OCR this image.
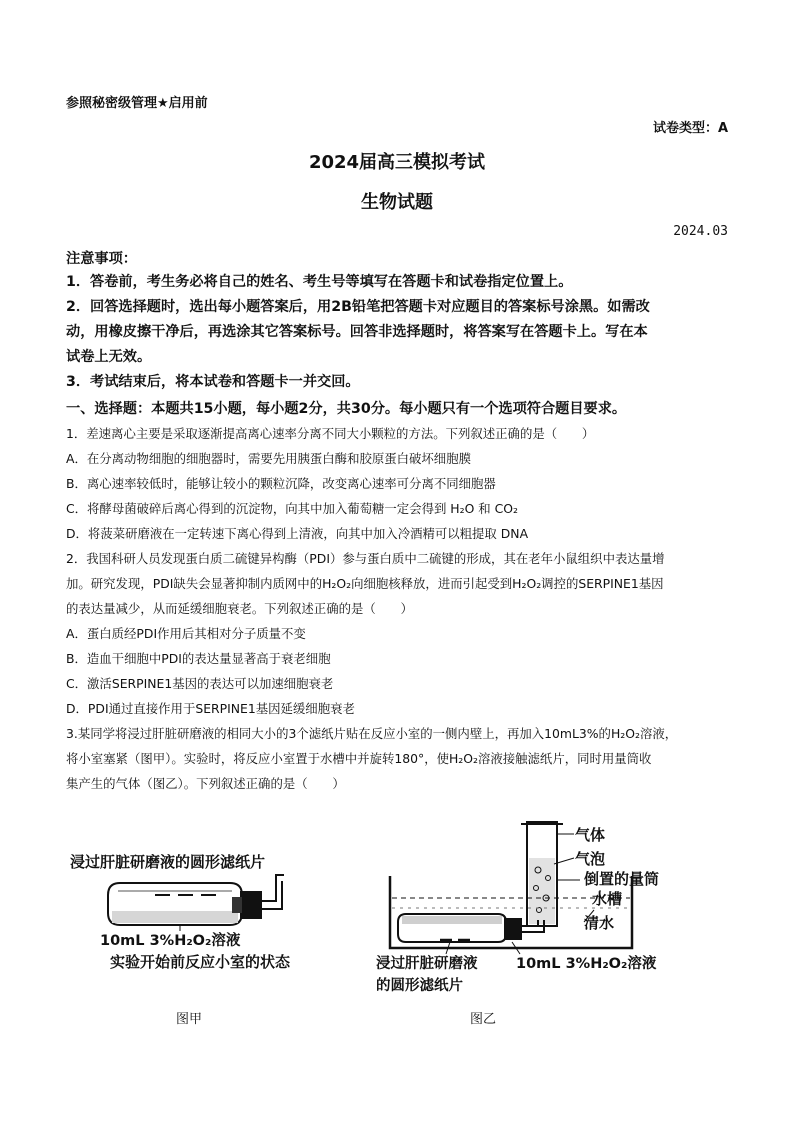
参照秘密级管理★启用前
试卷类型：A
2024届高三模拟考试
生物试题
2024.03
注意事项：
1．答卷前，考生务必将自己的姓名、考生号等填写在答题卡和试卷指定位置上。
2．回答选择题时，选出每小题答案后，用2B铅笔把答题卡对应题目的答案标号涂黑。如需改
动，用橡皮擦干净后，再选涂其它答案标号。回答非选择题时，将答案写在答题卡上。写在本
试卷上无效。
3．考试结束后，将本试卷和答题卡一并交回。
一、选择题：本题共15小题，每小题2分，共30分。每小题只有一个选项符合题目要求。
1．差速离心主要是采取逐渐提高离心速率分离不同大小颗粒的方法。下列叙述正确的是（　　）
A．在分离动物细胞的细胞器时，需要先用胰蛋白酶和胶原蛋白破坏细胞膜
B．离心速率较低时，能够让较小的颗粒沉降，改变离心速率可分离不同细胞器
C．将酵母菌破碎后离心得到的沉淀物，向其中加入葡萄糖一定会得到 H₂O 和 CO₂
D．将菠菜研磨液在一定转速下离心得到上清液，向其中加入冷酒精可以粗提取 DNA
2．我国科研人员发现蛋白质二硫键异构酶（PDI）参与蛋白质中二硫键的形成，其在老年小鼠组织中表达量增
加。研究发现，PDI缺失会显著抑制内质网中的H₂O₂向细胞核释放，进而引起受到H₂O₂调控的SERPINE1基因
的表达量减少，从而延缓细胞衰老。下列叙述正确的是（　　）
A．蛋白质经PDI作用后其相对分子质量不变
B．造血干细胞中PDI的表达量显著高于衰老细胞
C．激活SERPINE1基因的表达可以加速细胞衰老
D．PDI通过直接作用于SERPINE1基因延缓细胞衰老
3.某同学将浸过肝脏研磨液的相同大小的3个滤纸片贴在反应小室的一侧内壁上，再加入10mL3%的H₂O₂溶液，
将小室塞紧（图甲）。实验时，将反应小室置于水槽中并旋转180°，使H₂O₂溶液接触滤纸片，同时用量筒收
集产生的气体（图乙）。下列叙述正确的是（　　）
浸过肝脏研磨液的圆形滤纸片
10mL 3%H₂O₂溶液
实验开始前反应小室的状态
图甲
气体
气泡
倒置的量筒
水槽
清水
浸过肝脏研磨液
的圆形滤纸片
10mL 3%H₂O₂溶液
图乙
